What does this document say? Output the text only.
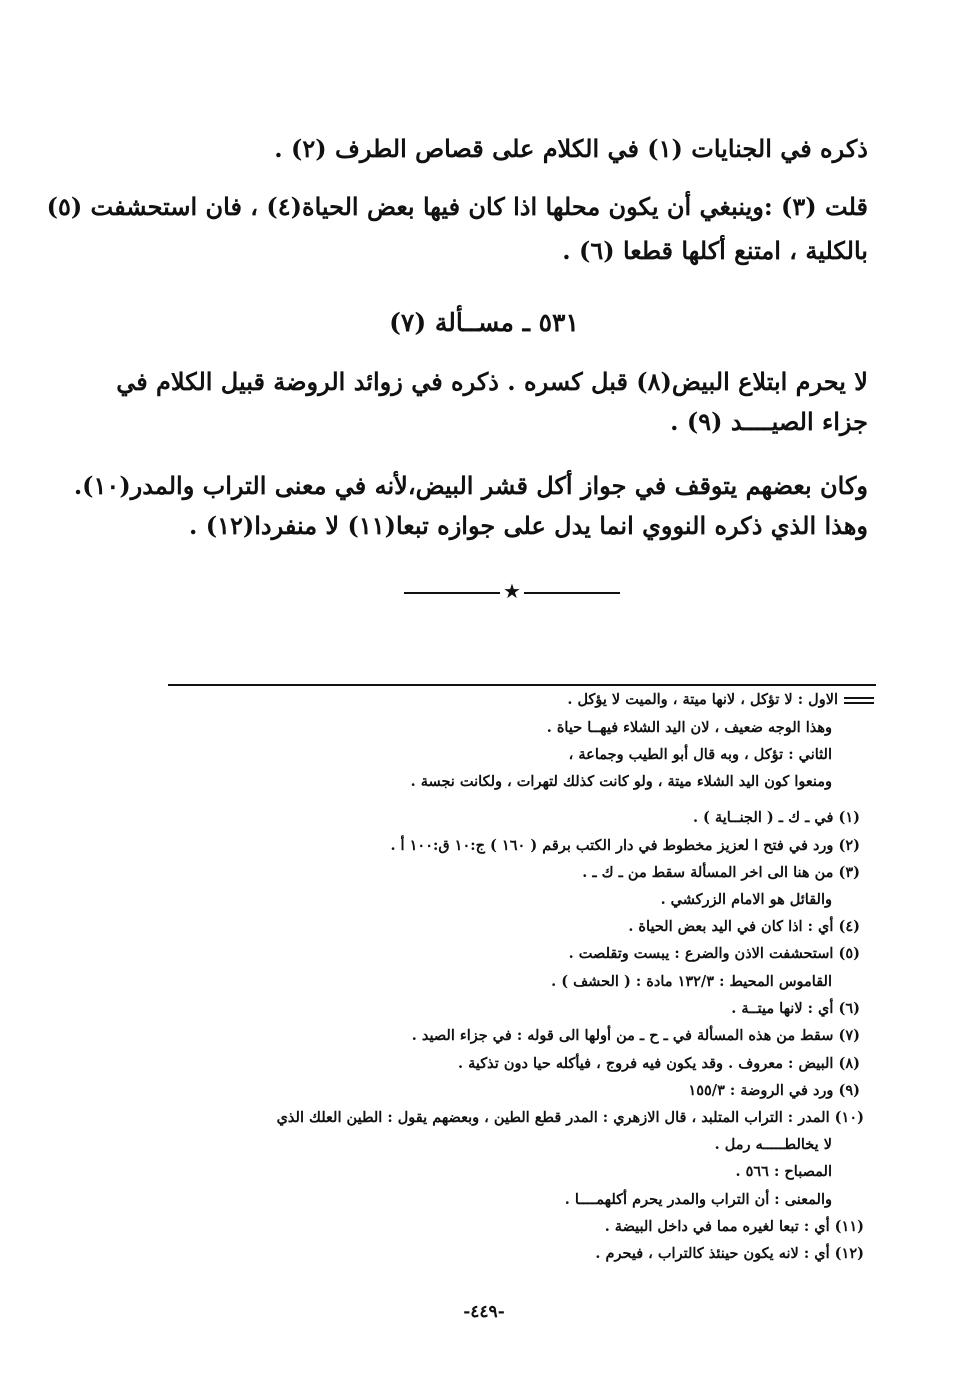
ذكره في الجنايات (١) في الكلام على قصاص الطرف (٢) .
قلت (٣) :وينبغي أن يكون محلها اذا كان فيها بعض الحياة(٤) ، فان استحشفت (٥)
بالكلية ، امتنع أكلها قطعا (٦) .
٥٣١ ـ مســألة (٧)
لا يحرم ابتلاع البيض(٨) قبل كسره . ذكره في زوائد الروضة قبيل الكلام في
جزاء الصيــــد (٩) .
وكان بعضهم يتوقف في جواز أكل قشر البيض،لأنه في معنى التراب والمدر(١٠).
وهذا الذي ذكره النووي انما يدل على جوازه تبعا(١١) لا منفردا(١٢) .
★
الاول : لا تؤكل ، لانها ميتة ، والميت لا يؤكل .
وهذا الوجه ضعيف ، لان اليد الشلاء فيهــا حياة .
الثاني : تؤكل ، وبه قال أبو الطيب وجماعة ،
ومنعوا كون اليد الشلاء ميتة ، ولو كانت كذلك لتهرات ، ولكانت نجسة .
(١) في ـ ك ـ ( الجنــاية ) .
(٢) ورد في فتح ا لعزيز مخطوط في دار الكتب برقم ( ١٦٠ ) ج:١٠ ق:١٠٠ أ .
(٣) من هنا الى اخر المسألة سقط من ـ ك ـ .
والقائل هو الامام الزركشي .
(٤) أي : اذا كان في اليد بعض الحياة .
(٥) استحشفت الاذن والضرع : يبست وتقلصت .
القاموس المحيط : ١٣٢/٣ مادة : ( الحشف ) .
(٦) أي : لانها ميتــة .
(٧) سقط من هذه المسألة في ـ ح ـ من أولها الى قوله : في جزاء الصيد .
(٨) البيض : معروف . وقد يكون فيه فروج ، فيأكله حيا دون تذكية .
(٩) ورد في الروضة : ١٥٥/٣
(١٠) المدر : التراب المتلبد ، قال الازهري : المدر قطع الطين ، وبعضهم يقول : الطين العلك الذي
لا يخالطـــــه رمل .
المصباح : ٥٦٦ .
والمعنى : أن التراب والمدر يحرم أكلهمــــا .
(١١) أي : تبعا لغيره مما في داخل البيضة .
(١٢) أي : لانه يكون حينئذ كالتراب ، فيحرم .
-٤٤٩-
